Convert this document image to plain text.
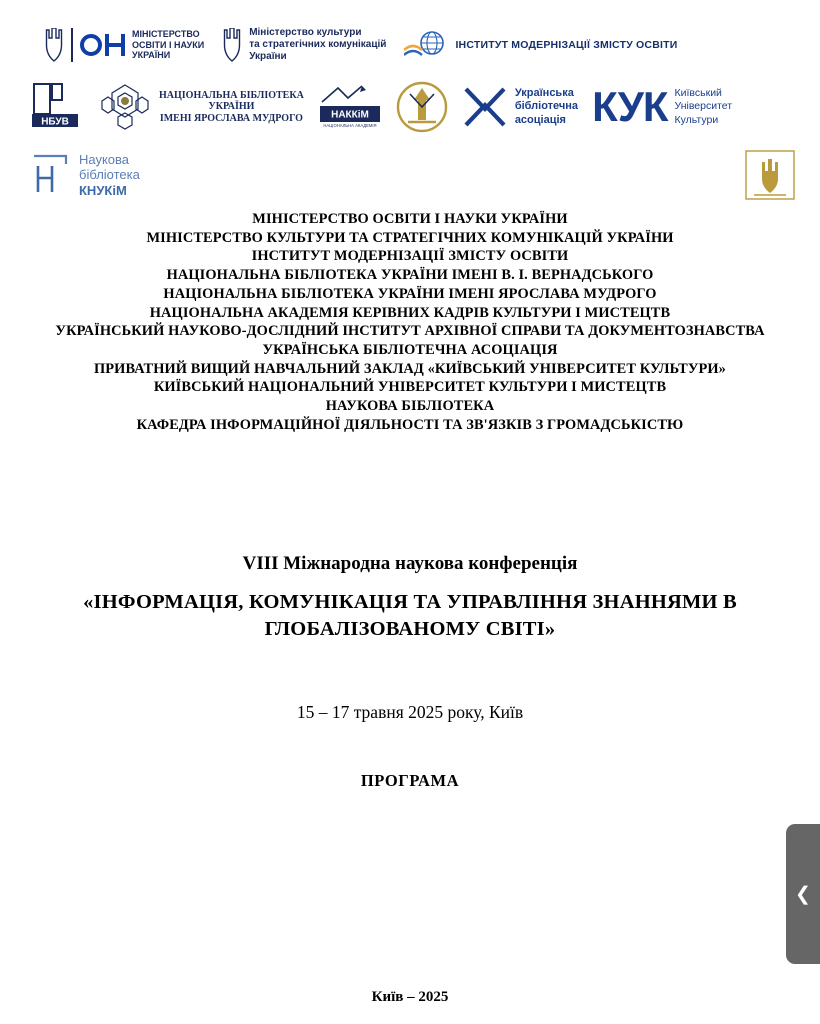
МІНІСТЕРСТВО
ОСВІТИ І НАУКИ
УКРАЇНИ
Міністерство культури
та стратегічних комунікацій
України
ІНСТИТУТ МОДЕРНІЗАЦІЇ ЗМІСТУ ОСВІТИ
НБУВ
НАЦІОНАЛЬНА БІБЛІОТЕКА
УКРАЇНИ
ІМЕНІ ЯРОСЛАВА МУДРОГО	НАККіМ
НАЦІОНАЛЬНА АКАДЕМІЯ
Українська
бібліотечна
асоціація КУК Київський
Університет
Культури
Наукова
бібліотека
КНУКіМ
МІНІСТЕРСТВО ОСВІТИ І НАУКИ УКРАЇНИ
МІНІСТЕРСТВО КУЛЬТУРИ ТА СТРАТЕГІЧНИХ КОМУНІКАЦІЙ УКРАЇНИ
ІНСТИТУТ МОДЕРНІЗАЦІЇ ЗМІСТУ ОСВІТИ
НАЦІОНАЛЬНА БІБЛІОТЕКА УКРАЇНИ ІМЕНІ В. І. ВЕРНАДСЬКОГО
НАЦІОНАЛЬНА БІБЛІОТЕКА УКРАЇНИ ІМЕНІ ЯРОСЛАВА МУДРОГО
НАЦІОНАЛЬНА АКАДЕМІЯ КЕРІВНИХ КАДРІВ КУЛЬТУРИ І МИСТЕЦТВ
УКРАЇНСЬКИЙ НАУКОВО-ДОСЛІДНИЙ ІНСТИТУТ АРХІВНОЇ СПРАВИ ТА ДОКУМЕНТОЗНАВСТВА
УКРАЇНСЬКА БІБЛІОТЕЧНА АСОЦІАЦІЯ
ПРИВАТНИЙ ВИЩИЙ НАВЧАЛЬНИЙ ЗАКЛАД «КИЇВСЬКИЙ УНІВЕРСИТЕТ КУЛЬТУРИ»
КИЇВСЬКИЙ НАЦІОНАЛЬНИЙ УНІВЕРСИТЕТ КУЛЬТУРИ І МИСТЕЦТВ
НАУКОВА БІБЛІОТЕКА
КАФЕДРА ІНФОРМАЦІЙНОЇ ДІЯЛЬНОСТІ ТА ЗВ'ЯЗКІВ З ГРОМАДСЬКІСТЮ
VIII Міжнародна наукова конференція
«ІНФОРМАЦІЯ, КОМУНІКАЦІЯ ТА УПРАВЛІННЯ ЗНАННЯМИ В ГЛОБАЛІЗОВАНОМУ СВІТІ»
15 – 17 травня 2025 року, Київ
ПРОГРАМА
Київ – 2025
❮
